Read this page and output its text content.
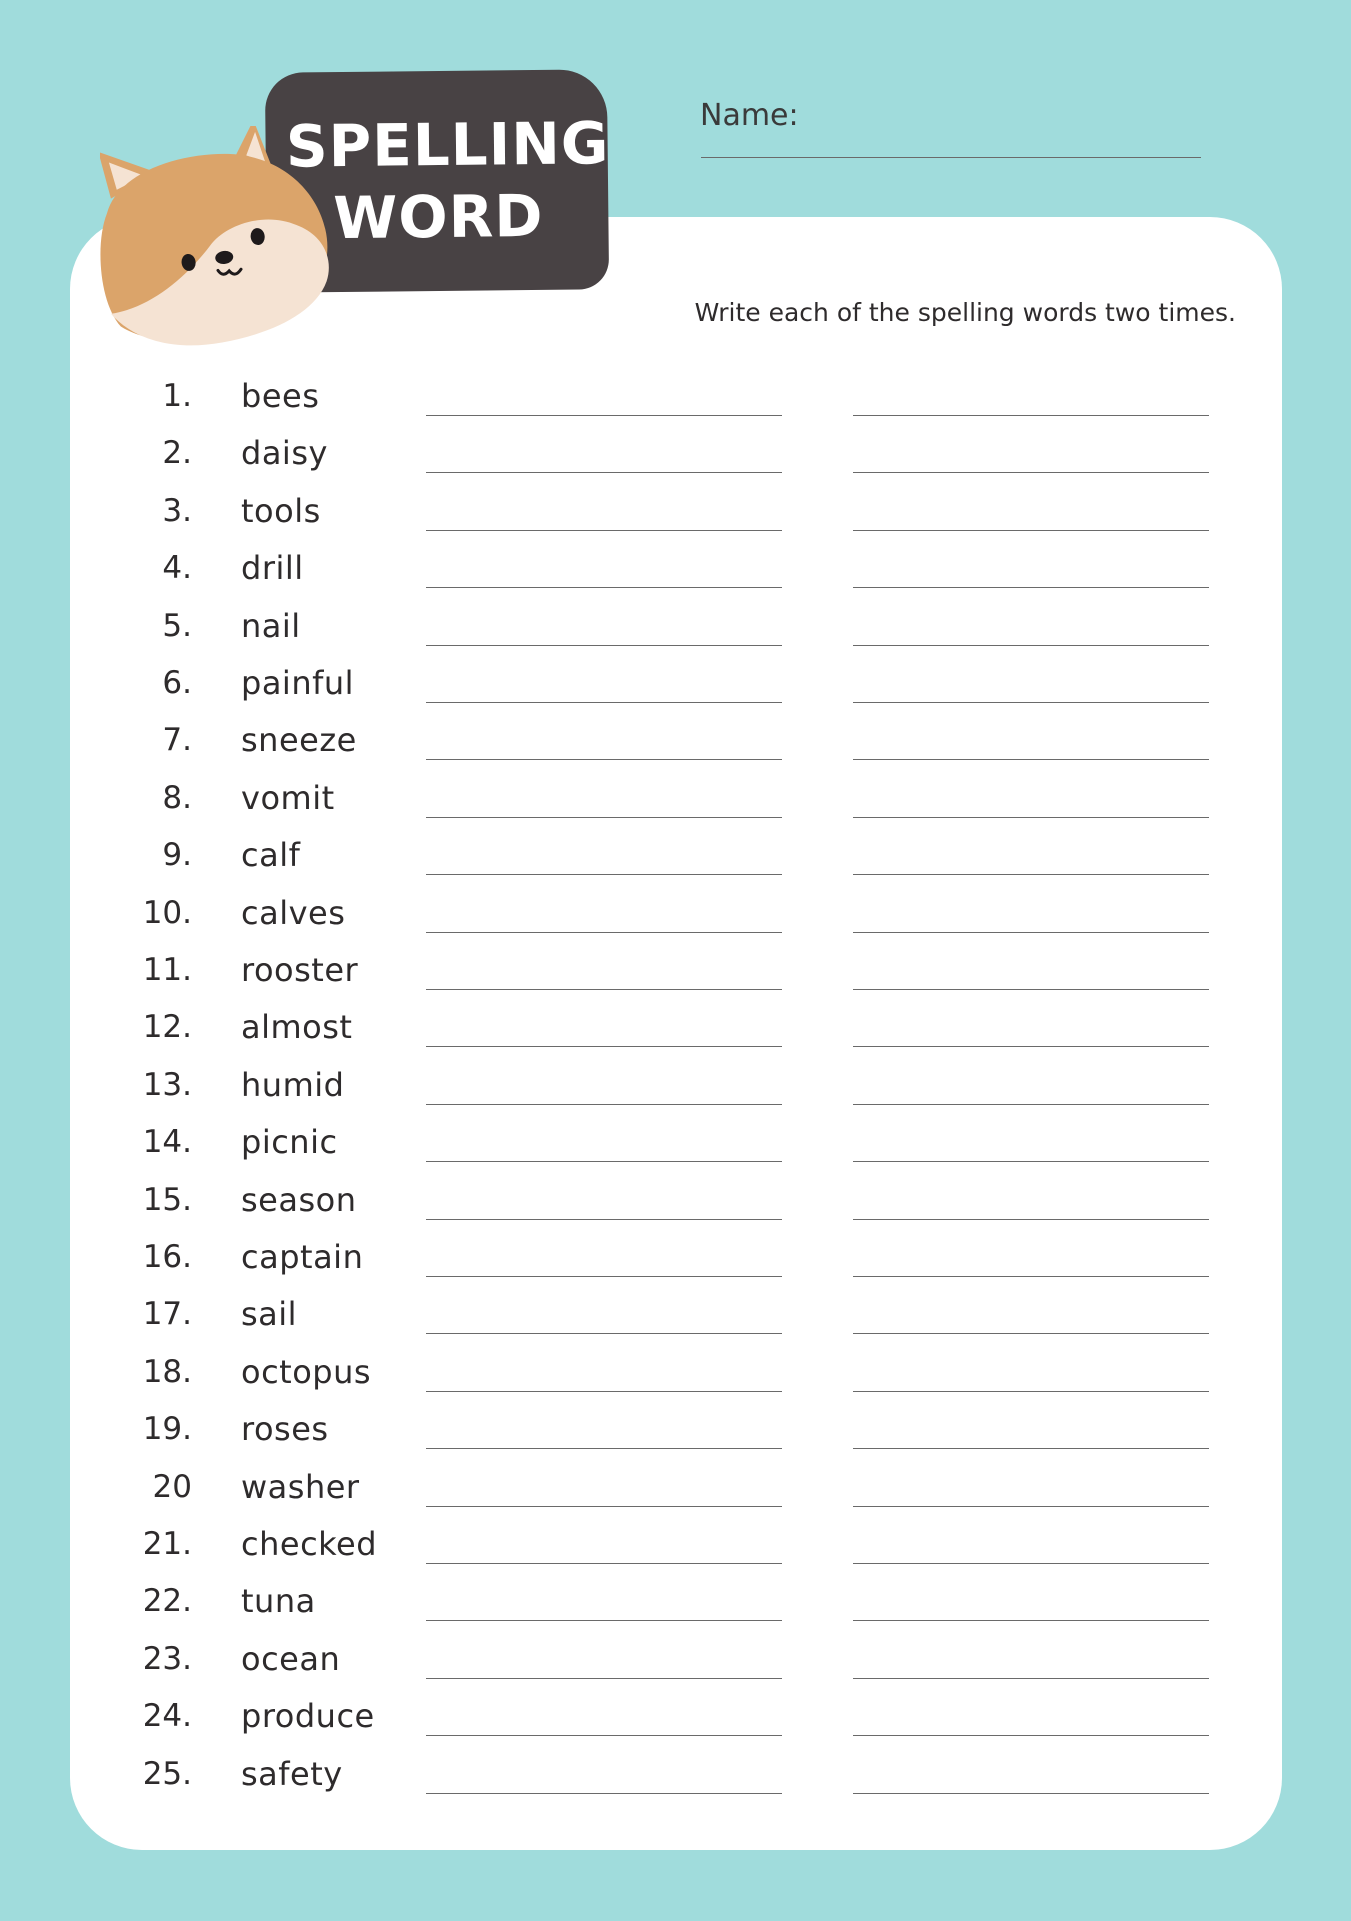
SPELLING
WORD
Name:
Write each of the spelling words two times.
1. bees
2. daisy
3. tools
4. drill
5. nail
6. painful
7. sneeze
8. vomit
9. calf
10. calves
11. rooster
12. almost
13. humid
14. picnic
15. season
16. captain
17. sail
18. octopus
19. roses
20 washer
21. checked
22. tuna
23. ocean
24. produce
25. safety
